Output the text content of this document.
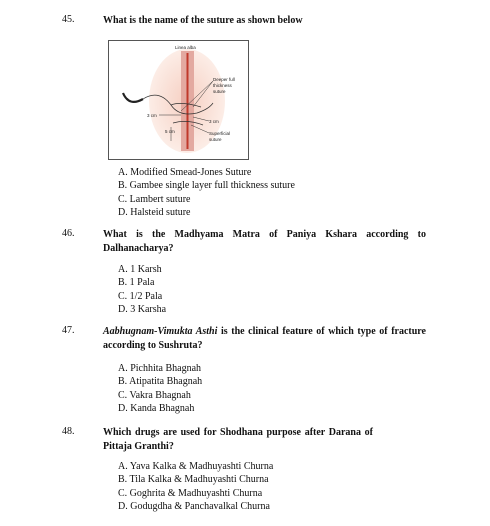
45.	What is the name of the suture as shown below
Linea alba
Deeper full
thickness
suture
3 cm
5 cm
3 cm
Superficial
suture
A. Modified Smead-Jones Suture
B. Gambee single layer full thickness suture
C. Lambert suture
D. Halsteid suture
46.	What is the Madhyama Matra of Paniya Kshara according to Dalhanacharya?
A. 1 Karsh
B. 1 Pala
C. 1/2 Pala
D. 3 Karsha
47.	Aabhugnam-Vimukta Asthi is the clinical feature of which type of fracture according to Sushruta?
A. Pichhita Bhagnah
B. Atipatita Bhagnah
C. Vakra Bhagnah
D. Kanda Bhagnah
48.	Which drugs are used for Shodhana purpose after Darana of Pittaja Granthi?
A. Yava Kalka & Madhuyashti Churna
B. Tila Kalka & Madhuyashti Churna
C. Goghrita & Madhuyashti Churna
D. Godugdha & Panchavalkal Churna
